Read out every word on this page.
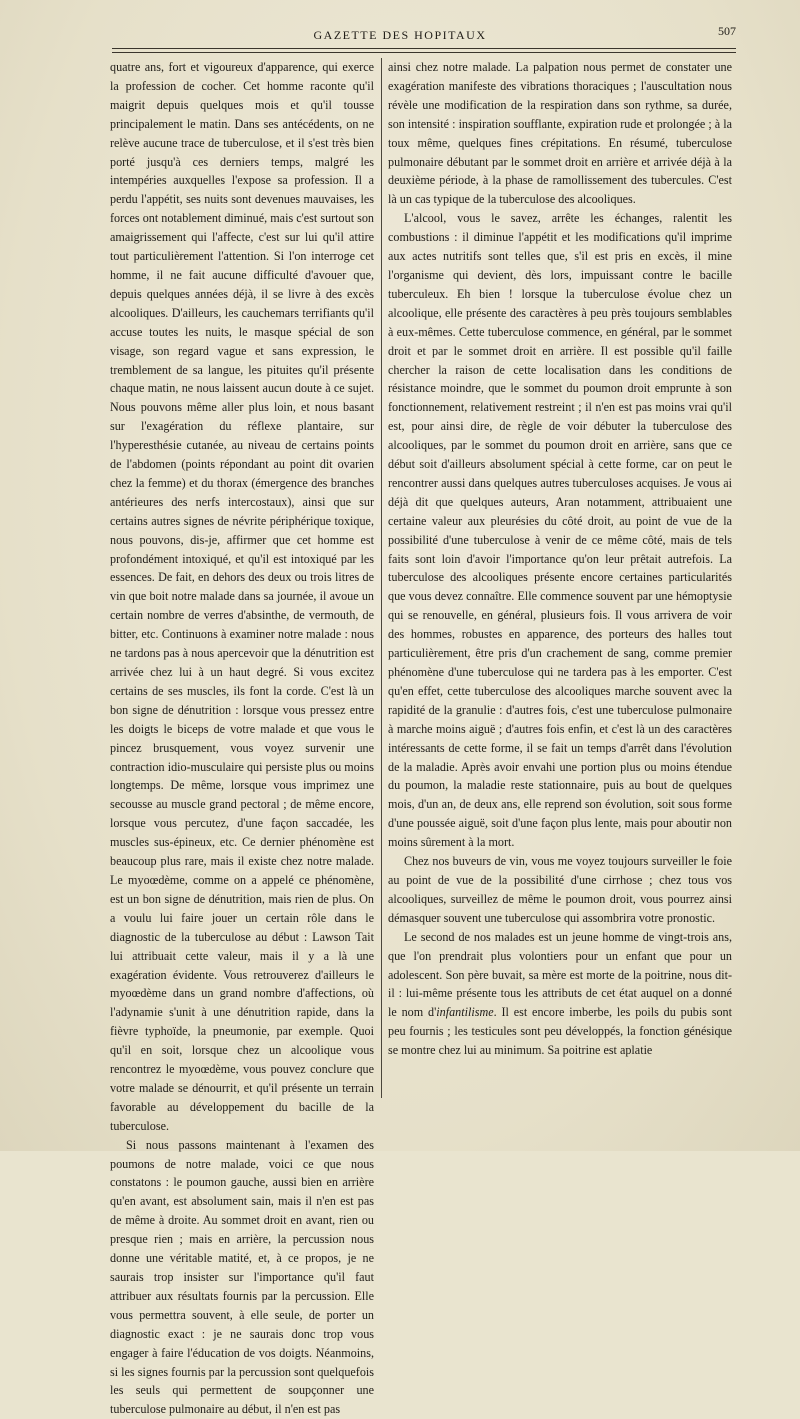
GAZETTE DES HOPITAUX	507

quatre ans, fort et vigoureux d'apparence, qui exerce la profession de cocher. Cet homme raconte qu'il maigrit depuis quelques mois et qu'il tousse principalement le matin. Dans ses antécédents, on ne relève aucune trace de tuberculose, et il s'est très bien porté jusqu'à ces derniers temps, malgré les intempéries auxquelles l'expose sa profession. Il a perdu l'appétit, ses nuits sont devenues mauvaises, les forces ont notablement diminué, mais c'est surtout son amaigrissement qui l'affecte, c'est sur lui qu'il attire tout particulièrement l'attention. Si l'on interroge cet homme, il ne fait aucune difficulté d'avouer que, depuis quelques années déjà, il se livre à des excès alcooliques. D'ailleurs, les cauchemars terrifiants qu'il accuse toutes les nuits, le masque spécial de son visage, son regard vague et sans expression, le tremblement de sa langue, les pituites qu'il présente chaque matin, ne nous laissent aucun doute à ce sujet. Nous pouvons même aller plus loin, et nous basant sur l'exagération du réflexe plantaire, sur l'hyperesthésie cutanée, au niveau de certains points de l'abdomen (points répondant au point dit ovarien chez la femme) et du thorax (émergence des branches antérieures des nerfs intercostaux), ainsi que sur certains autres signes de névrite périphérique toxique, nous pouvons, dis-je, affirmer que cet homme est profondément intoxiqué, et qu'il est intoxiqué par les essences. De fait, en dehors des deux ou trois litres de vin que boit notre malade dans sa journée, il avoue un certain nombre de verres d'absinthe, de vermouth, de bitter, etc. Continuons à examiner notre malade : nous ne tardons pas à nous apercevoir que la dénutrition est arrivée chez lui à un haut degré. Si vous excitez certains de ses muscles, ils font la corde. C'est là un bon signe de dénutrition : lorsque vous pressez entre les doigts le biceps de votre malade et que vous le pincez brusquement, vous voyez survenir une contraction idio-musculaire qui persiste plus ou moins longtemps. De même, lorsque vous imprimez une secousse au muscle grand pectoral ; de même encore, lorsque vous percutez, d'une façon saccadée, les muscles sus-épineux, etc. Ce dernier phénomène est beaucoup plus rare, mais il existe chez notre malade. Le myoœdème, comme on a appelé ce phénomène, est un bon signe de dénutrition, mais rien de plus. On a voulu lui faire jouer un certain rôle dans le diagnostic de la tuberculose au début : Lawson Tait lui attribuait cette valeur, mais il y a là une exagération évidente. Vous retrouverez d'ailleurs le myoœdème dans un grand nombre d'affections, où l'adynamie s'unit à une dénutrition rapide, dans la fièvre typhoïde, la pneumonie, par exemple. Quoi qu'il en soit, lorsque chez un alcoolique vous rencontrez le myoœdème, vous pouvez conclure que votre malade se dénourrit, et qu'il présente un terrain favorable au développement du bacille de la tuberculose.

Si nous passons maintenant à l'examen des poumons de notre malade, voici ce que nous constatons : le poumon gauche, aussi bien en arrière qu'en avant, est absolument sain, mais il n'en est pas de même à droite. Au sommet droit en avant, rien ou presque rien ; mais en arrière, la percussion nous donne une véritable matité, et, à ce propos, je ne saurais trop insister sur l'importance qu'il faut attribuer aux résultats fournis par la percussion. Elle vous permettra souvent, à elle seule, de porter un diagnostic exact : je ne saurais donc trop vous engager à faire l'éducation de vos doigts. Néanmoins, si les signes fournis par la percussion sont quelquefois les seuls qui permettent de soupçonner une tuberculose pulmonaire au début, il n'en est pas

ainsi chez notre malade. La palpation nous permet de constater une exagération manifeste des vibrations thoraciques ; l'auscultation nous révèle une modification de la respiration dans son rythme, sa durée, son intensité : inspiration soufflante, expiration rude et prolongée ; à la toux même, quelques fines crépitations. En résumé, tuberculose pulmonaire débutant par le sommet droit en arrière et arrivée déjà à la deuxième période, à la phase de ramollissement des tubercules. C'est là un cas typique de la tuberculose des alcooliques.

L'alcool, vous le savez, arrête les échanges, ralentit les combustions : il diminue l'appétit et les modifications qu'il imprime aux actes nutritifs sont telles que, s'il est pris en excès, il mine l'organisme qui devient, dès lors, impuissant contre le bacille tuberculeux. Eh bien ! lorsque la tuberculose évolue chez un alcoolique, elle présente des caractères à peu près toujours semblables à eux-mêmes. Cette tuberculose commence, en général, par le sommet droit et par le sommet droit en arrière. Il est possible qu'il faille chercher la raison de cette localisation dans les conditions de résistance moindre, que le sommet du poumon droit emprunte à son fonctionnement, relativement restreint ; il n'en est pas moins vrai qu'il est, pour ainsi dire, de règle de voir débuter la tuberculose des alcooliques, par le sommet du poumon droit en arrière, sans que ce début soit d'ailleurs absolument spécial à cette forme, car on peut le rencontrer aussi dans quelques autres tuberculoses acquises. Je vous ai déjà dit que quelques auteurs, Aran notamment, attribuaient une certaine valeur aux pleurésies du côté droit, au point de vue de la possibilité d'une tuberculose à venir de ce même côté, mais de tels faits sont loin d'avoir l'importance qu'on leur prêtait autrefois. La tuberculose des alcooliques présente encore certaines particularités que vous devez connaître. Elle commence souvent par une hémoptysie qui se renouvelle, en général, plusieurs fois. Il vous arrivera de voir des hommes, robustes en apparence, des porteurs des halles tout particulièrement, être pris d'un crachement de sang, comme premier phénomène d'une tuberculose qui ne tardera pas à les emporter. C'est qu'en effet, cette tuberculose des alcooliques marche souvent avec la rapidité de la granulie : d'autres fois, c'est une tuberculose pulmonaire à marche moins aiguë ; d'autres fois enfin, et c'est là un des caractères intéressants de cette forme, il se fait un temps d'arrêt dans l'évolution de la maladie. Après avoir envahi une portion plus ou moins étendue du poumon, la maladie reste stationnaire, puis au bout de quelques mois, d'un an, de deux ans, elle reprend son évolution, soit sous forme d'une poussée aiguë, soit d'une façon plus lente, mais pour aboutir non moins sûrement à la mort.

Chez nos buveurs de vin, vous me voyez toujours surveiller le foie au point de vue de la possibilité d'une cirrhose ; chez tous vos alcooliques, surveillez de même le poumon droit, vous pourrez ainsi démasquer souvent une tuberculose qui assombrira votre pronostic.

Le second de nos malades est un jeune homme de vingt-trois ans, que l'on prendrait plus volontiers pour un enfant que pour un adolescent. Son père buvait, sa mère est morte de la poitrine, nous dit-il : lui-même présente tous les attributs de cet état auquel on a donné le nom d'infantilisme. Il est encore imberbe, les poils du pubis sont peu fournis ; les testicules sont peu développés, la fonction génésique se montre chez lui au minimum. Sa poitrine est aplatie
